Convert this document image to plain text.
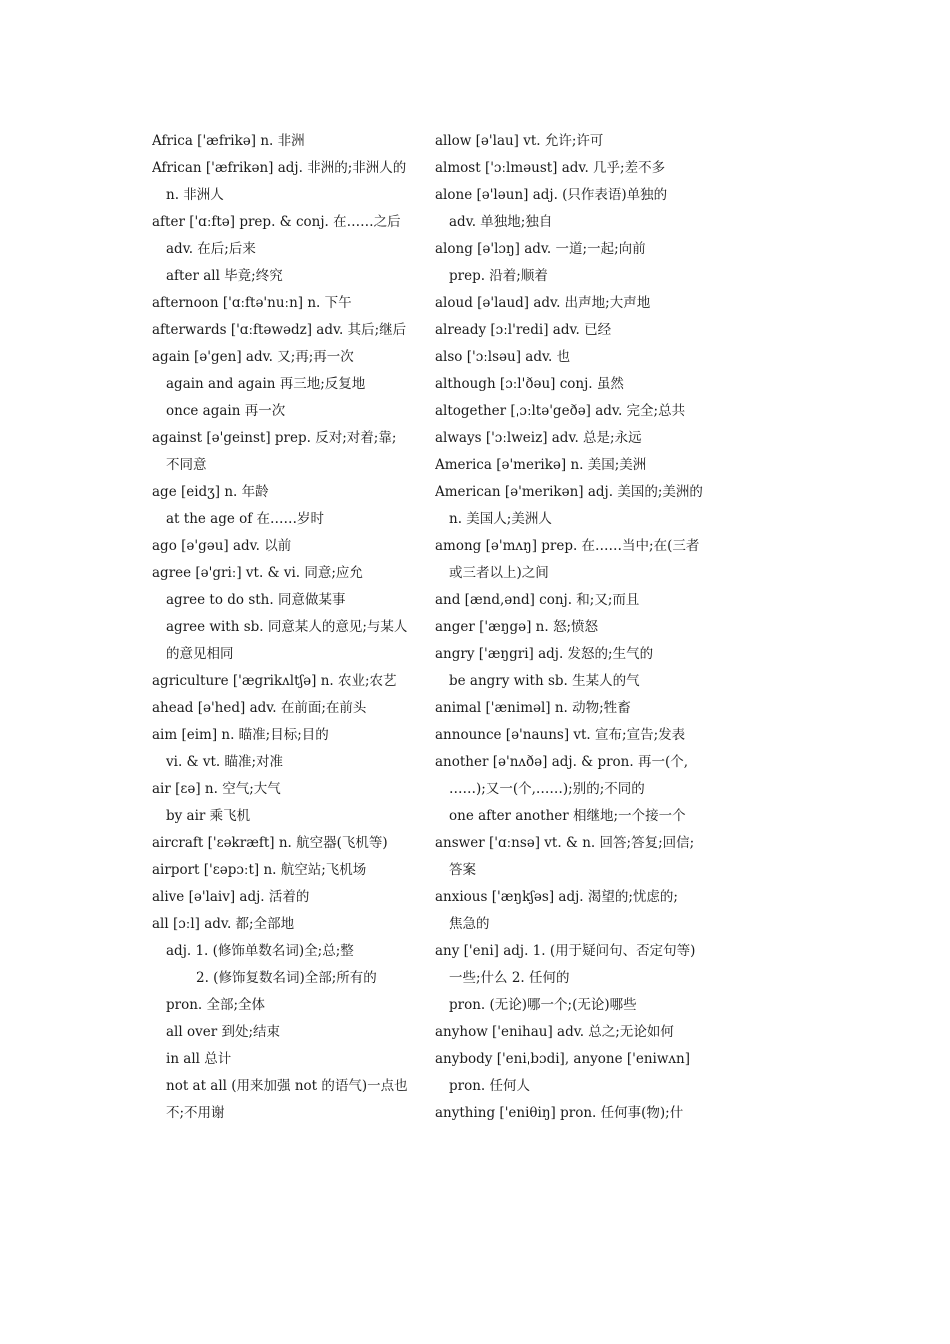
Africa ['æfrikə] n. 非洲
African ['æfrikən] adj. 非洲的;非洲人的
n. 非洲人
after ['ɑːftə] prep. & conj. 在……之后
adv. 在后;后来
after all 毕竟;终究
afternoon ['ɑːftə'nuːn] n. 下午
afterwards ['ɑːftəwədz] adv. 其后;继后
again [ə'gen] adv. 又;再;再一次
again and again 再三地;反复地
once again 再一次
against [ə'geinst] prep. 反对;对着;靠;
不同意
age [eidʒ] n. 年龄
at the age of 在……岁时
ago [ə'gəu] adv. 以前
agree [ə'griː] vt. & vi. 同意;应允
agree to do sth. 同意做某事
agree with sb. 同意某人的意见;与某人
的意见相同
agriculture ['ægrikʌltʃə] n. 农业;农艺
ahead [ə'hed] adv. 在前面;在前头
aim [eim] n. 瞄准;目标;目的
vi. & vt. 瞄准;对准
air [ɛə] n. 空气;大气
by air 乘飞机
aircraft ['ɛəkræft] n. 航空器(飞机等)
airport ['ɛəpɔːt] n. 航空站;飞机场
alive [ə'laiv] adj. 活着的
all [ɔːl] adv. 都;全部地
adj. 1. (修饰单数名词)全;总;整
2. (修饰复数名词)全部;所有的
pron. 全部;全体
all over 到处;结束
in all 总计
not at all (用来加强 not 的语气)一点也
不;不用谢
allow [ə'lau] vt. 允许;许可
almost ['ɔːlməust] adv. 几乎;差不多
alone [ə'ləun] adj. (只作表语)单独的
adv. 单独地;独自
along [ə'lɔŋ] adv. 一道;一起;向前
prep. 沿着;顺着
aloud [ə'laud] adv. 出声地;大声地
already [ɔːl'redi] adv. 已经
also ['ɔːlsəu] adv. 也
although [ɔːl'ðəu] conj. 虽然
altogether [ˌɔːltə'geðə] adv. 完全;总共
always ['ɔːlweiz] adv. 总是;永远
America [ə'merikə] n. 美国;美洲
American [ə'merikən] adj. 美国的;美洲的
n. 美国人;美洲人
among [ə'mʌŋ] prep. 在……当中;在(三者
或三者以上)之间
and [ænd,ənd] conj. 和;又;而且
anger ['æŋgə] n. 怒;愤怒
angry ['æŋgri] adj. 发怒的;生气的
be angry with sb. 生某人的气
animal ['ænimәl] n. 动物;牲畜
announce [ə'nauns] vt. 宣布;宣告;发表
another [ə'nʌðə] adj. & pron. 再一(个,
……);又一(个,……);别的;不同的
one after another 相继地;一个接一个
answer ['ɑːnsə] vt. & n. 回答;答复;回信;
答案
anxious ['æŋkʃəs] adj. 渴望的;忧虑的;
焦急的
any ['eni] adj. 1. (用于疑问句、否定句等)
一些;什么 2. 任何的
pron. (无论)哪一个;(无论)哪些
anyhow ['enihau] adv. 总之;无论如何
anybody ['eniˌbɔdi], anyone ['eniwʌn]
pron. 任何人
anything ['eniθiŋ] pron. 任何事(物);什
